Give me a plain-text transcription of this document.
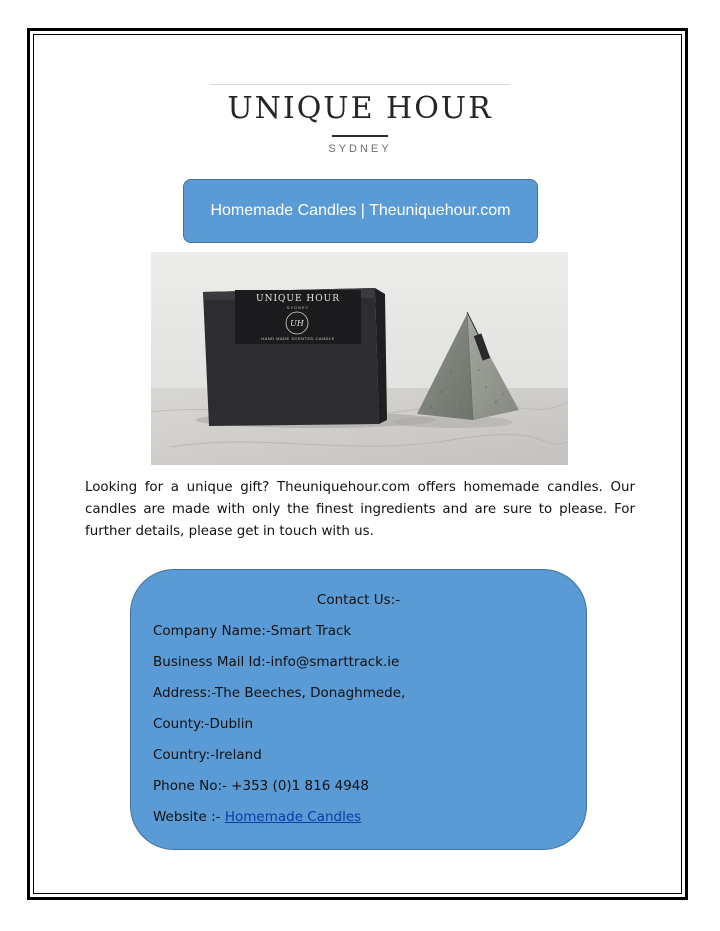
UNIQUE HOUR
SYDNEY
Homemade Candles | Theuniquehour.com
UNIQUE HOUR
SYDNEY
UH
HAND MADE SCENTED CANDLE
Looking for a unique gift? Theuniquehour.com offers homemade candles. Our candles are made with only the finest ingredients and are sure to please. For further details, please get in touch with us.
Contact Us:-
Company Name:-Smart Track
Business Mail Id:-info@smarttrack.ie
Address:-The Beeches, Donaghmede,
County:-Dublin
Country:-Ireland
Phone No:- +353 (0)1 816 4948
Website :- Homemade Candles
